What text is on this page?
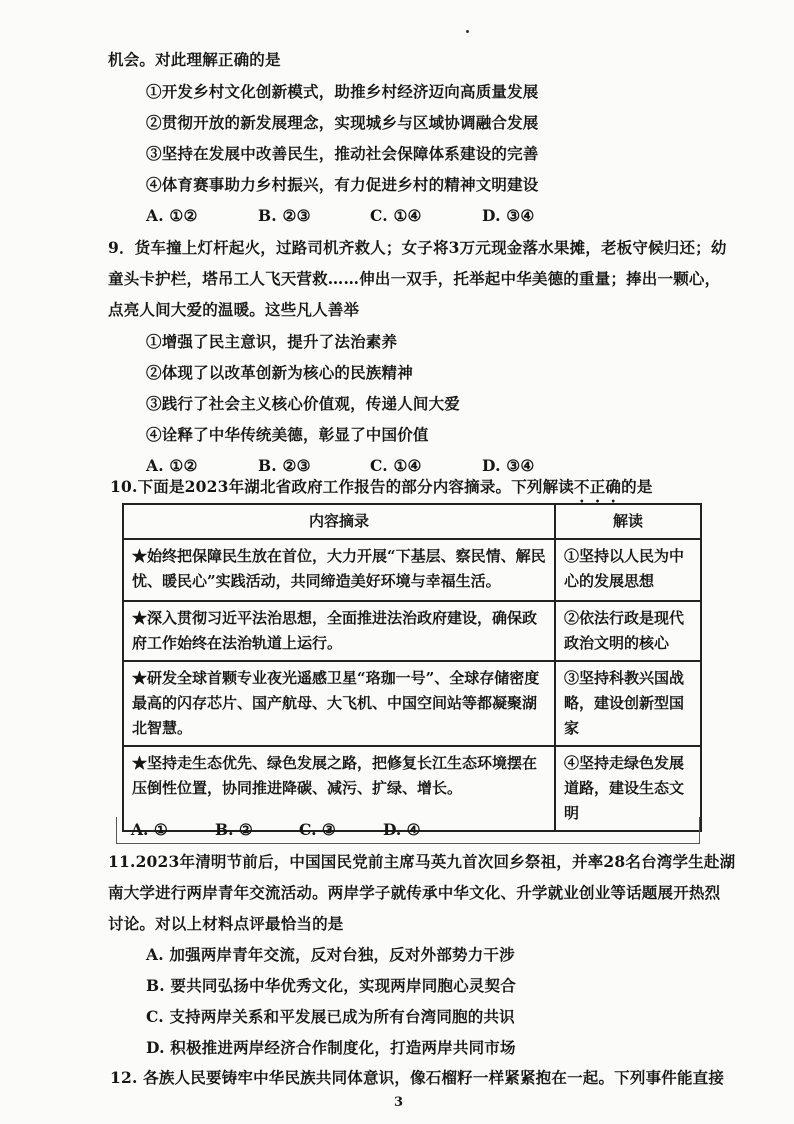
机会。对此理解正确的是
①开发乡村文化创新模式，助推乡村经济迈向高质量发展
②贯彻开放的新发展理念，实现城乡与区域协调融合发展
③坚持在发展中改善民生，推动社会保障体系建设的完善
④体育赛事助力乡村振兴，有力促进乡村的精神文明建设
A. ①②	B. ②③	C. ①④	D. ③④
9．货车撞上灯杆起火，过路司机齐救人；女子将3万元现金落水果摊，老板守候归还；幼
童头卡护栏，塔吊工人飞天营救……伸出一双手，托举起中华美德的重量；捧出一颗心，
点亮人间大爱的温暖。这些凡人善举
①增强了民主意识，提升了法治素养
②体现了以改革创新为核心的民族精神
③践行了社会主义核心价值观，传递人间大爱
④诠释了中华传统美德，彰显了中国价值
A. ①②	B. ②③	C. ①④	D. ③④
10.下面是2023年湖北省政府工作报告的部分内容摘录。下列解读不正确的是
内容摘录	解读
★始终把保障民生放在首位，大力开展“下基层、察民情、解民忧、暖民心”实践活动，共同缔造美好环境与幸福生活。	①坚持以人民为中心的发展思想
★深入贯彻习近平法治思想，全面推进法治政府建设，确保政府工作始终在法治轨道上运行。	②依法行政是现代政治文明的核心
★研发全球首颗专业夜光遥感卫星“珞珈一号”、全球存储密度最高的闪存芯片、国产航母、大飞机、中国空间站等都凝聚湖北智慧。	③坚持科教兴国战略，建设创新型国家
★坚持走生态优先、绿色发展之路，把修复长江生态环境摆在压倒性位置，协同推进降碳、减污、扩绿、增长。	④坚持走绿色发展道路，建设生态文明
A. ①	B. ②	C. ③	D. ④
11.2023年清明节前后，中国国民党前主席马英九首次回乡祭祖，并率28名台湾学生赴湖
南大学进行两岸青年交流活动。两岸学子就传承中华文化、升学就业创业等话题展开热烈
讨论。对以上材料点评最恰当的是
A. 加强两岸青年交流，反对台独，反对外部势力干涉
B. 要共同弘扬中华优秀文化，实现两岸同胞心灵契合
C. 支持两岸关系和平发展已成为所有台湾同胞的共识
D. 积极推进两岸经济合作制度化，打造两岸共同市场
12. 各族人民要铸牢中华民族共同体意识，像石榴籽一样紧紧抱在一起。下列事件能直接
3
